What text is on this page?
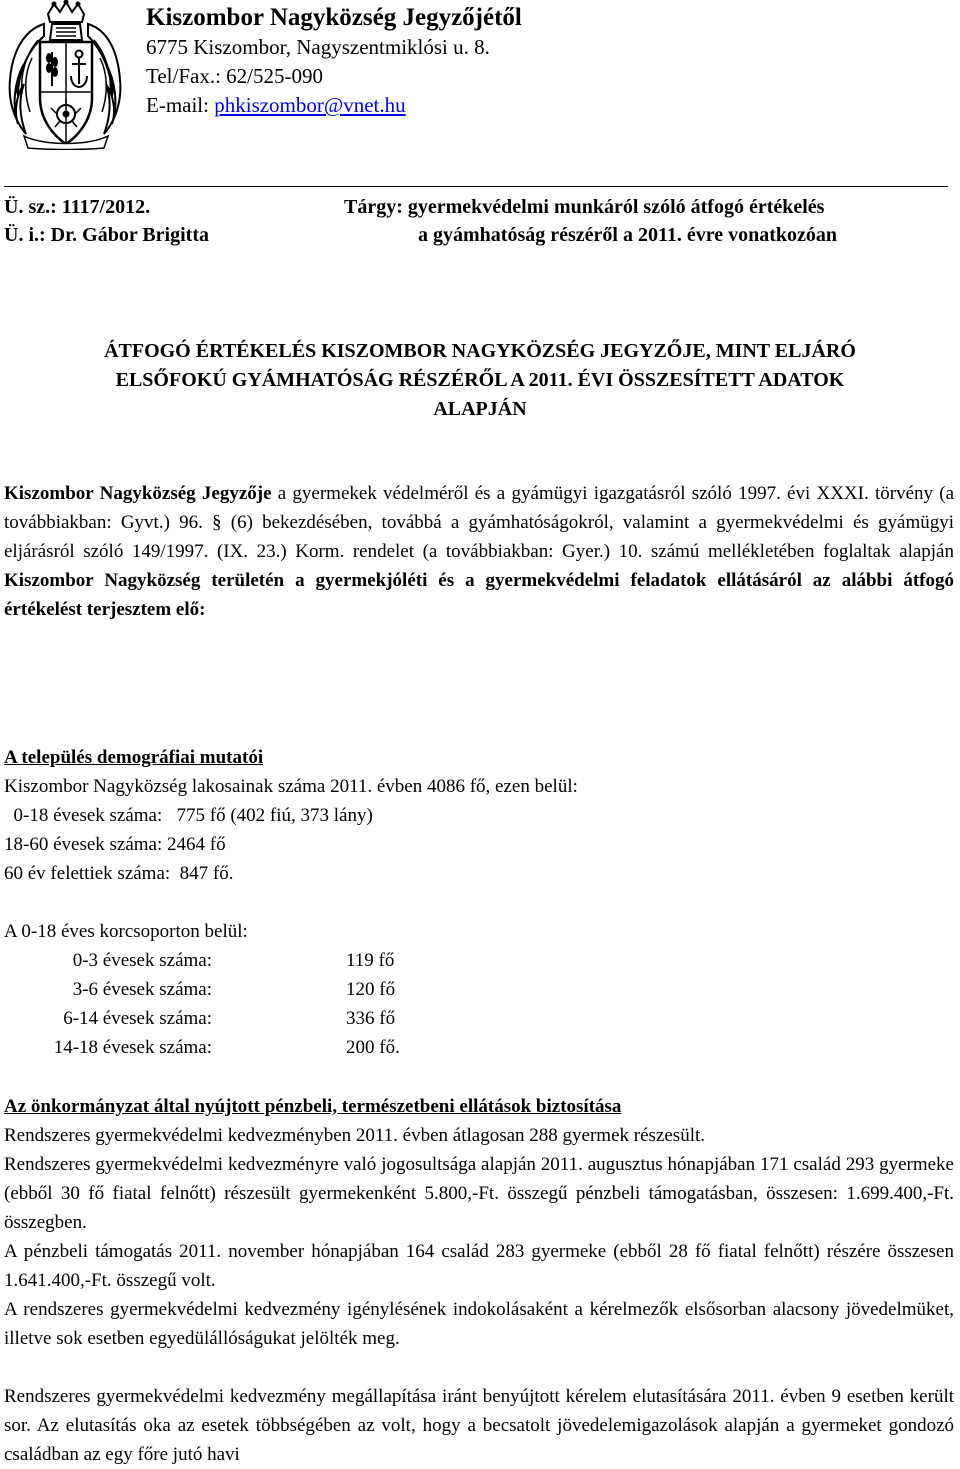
Kiszombor Nagyközség Jegyzőjétől
6775 Kiszombor, Nagyszentmiklósi u. 8.
Tel/Fax.: 62/525-090
E-mail: phkiszombor@vnet.hu
Ü. sz.: 1117/2012.
Ü. i.: Dr. Gábor Brigitta
Tárgy: gyermekvédelmi munkáról szóló átfogó értékelés
a gyámhatóság részéről a 2011. évre vonatkozóan
ÁTFOGÓ ÉRTÉKELÉS KISZOMBOR NAGYKÖZSÉG JEGYZŐJE, MINT ELJÁRÓ
ELSŐFOKÚ GYÁMHATÓSÁG RÉSZÉRŐL A 2011. ÉVI ÖSSZESÍTETT ADATOK
ALAPJÁN
Kiszombor Nagyközség Jegyzője a gyermekek védelméről és a gyámügyi igazgatásról szóló 1997. évi XXXI. törvény (a továbbiakban: Gyvt.) 96. § (6) bekezdésében, továbbá a gyámhatóságokról, valamint a gyermekvédelmi és gyámügyi eljárásról szóló 149/1997. (IX. 23.) Korm. rendelet (a továbbiakban: Gyer.) 10. számú mellékletében foglaltak alapján Kiszombor Nagyközség területén a gyermekjóléti és a gyermekvédelmi feladatok ellátásáról az alábbi átfogó értékelést terjesztem elő:
A település demográfiai mutatói
Kiszombor Nagyközség lakosainak száma 2011. évben 4086 fő, ezen belül:
0-18 évesek száma:   775 fő (402 fiú, 373 lány)
18-60 évesek száma: 2464 fő
60 év felettiek száma:  847 fő.
A 0-18 éves korcsoporton belül:
0-3 évesek száma:	119 fő
3-6 évesek száma:	120 fő
6-14 évesek száma:	336 fő
14-18 évesek száma:	200 fő.
Az önkormányzat által nyújtott pénzbeli, természetbeni ellátások biztosítása
Rendszeres gyermekvédelmi kedvezményben 2011. évben átlagosan 288 gyermek részesült.
Rendszeres gyermekvédelmi kedvezményre való jogosultsága alapján 2011. augusztus hónapjában 171 család 293 gyermeke (ebből 30 fő fiatal felnőtt) részesült gyermekenként 5.800,-Ft. összegű pénzbeli támogatásban, összesen: 1.699.400,-Ft. összegben.
A pénzbeli támogatás 2011. november hónapjában 164 család 283 gyermeke (ebből 28 fő fiatal felnőtt) részére összesen 1.641.400,-Ft. összegű volt.
A rendszeres gyermekvédelmi kedvezmény igénylésének indokolásaként a kérelmezők elsősorban alacsony jövedelmüket, illetve sok esetben egyedülállóságukat jelölték meg.
Rendszeres gyermekvédelmi kedvezmény megállapítása iránt benyújtott kérelem elutasítására 2011. évben 9 esetben került sor. Az elutasítás oka az esetek többségében az volt, hogy a becsatolt jövedelemigazolások alapján a gyermeket gondozó családban az egy főre jutó havi
